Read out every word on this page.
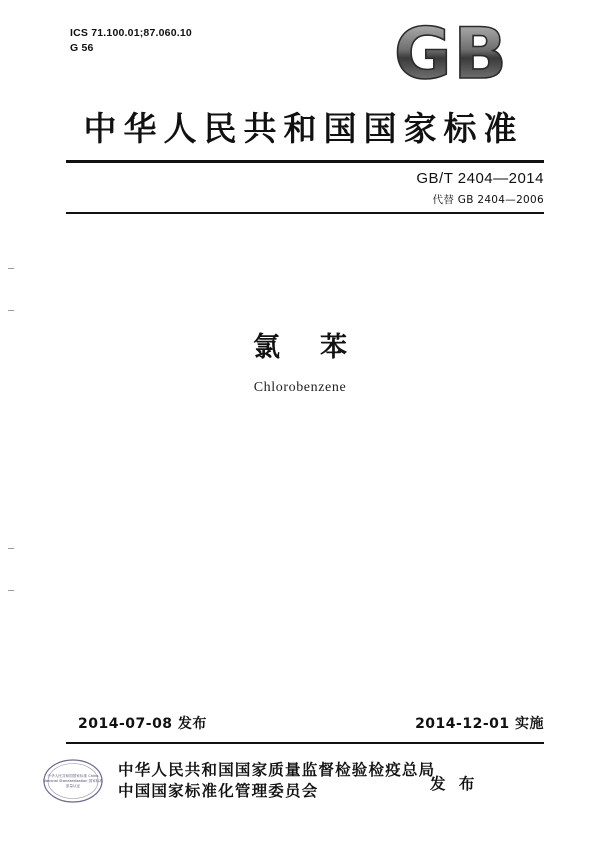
ICS 71.100.01;87.060.10
G 56	GB
中华人民共和国国家标准
GB/T 2404—2014
代替 GB 2404—2006
氯苯
Chlorobenzene
2014-07-08 发布	2014-12-01 实施
中华人民共和国国家标准 China National Standardization 国家标准 质量认证
中华人民共和国国家质量监督检验检疫总局
中国国家标准化管理委员会	发 布
